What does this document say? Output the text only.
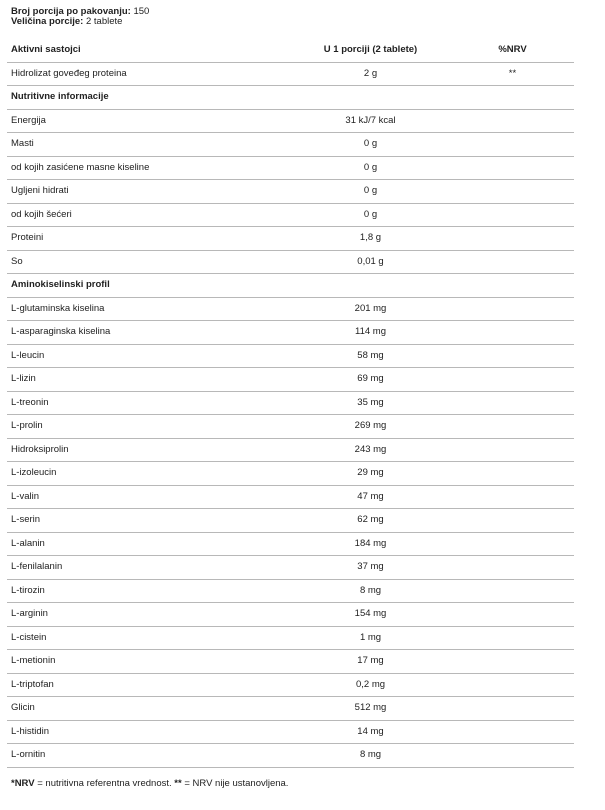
Broj porcija po pakovanju: 150
Veličina porcije: 2 tablete
Aktivni sastojci	U 1 porciji (2 tablete)	%NRV
Hidrolizat goveđeg proteina	2 g	**
Nutritivne informacije		
Energija	31 kJ/7 kcal	
Masti	0 g	
od kojih zasićene masne kiseline	0 g	
Ugljeni hidrati	0 g	
od kojih šećeri	0 g	
Proteini	1,8 g	
So	0,01 g	
Aminokiselinski profil		
L-glutaminska kiselina	201 mg	
L-asparaginska kiselina	114 mg	
L-leucin	58 mg	
L-lizin	69 mg	
L-treonin	35 mg	
L-prolin	269 mg	
Hidroksiprolin	243 mg	
L-izoleucin	29 mg	
L-valin	47 mg	
L-serin	62 mg	
L-alanin	184 mg	
L-fenilalanin	37 mg	
L-tirozin	8 mg	
L-arginin	154 mg	
L-cistein	1 mg	
L-metionin	17 mg	
L-triptofan	0,2 mg	
Glicin	512 mg	
L-histidin	14 mg	
L-ornitin	8 mg	
*NRV = nutritivna referentna vrednost. ** = NRV nije ustanovljena.
